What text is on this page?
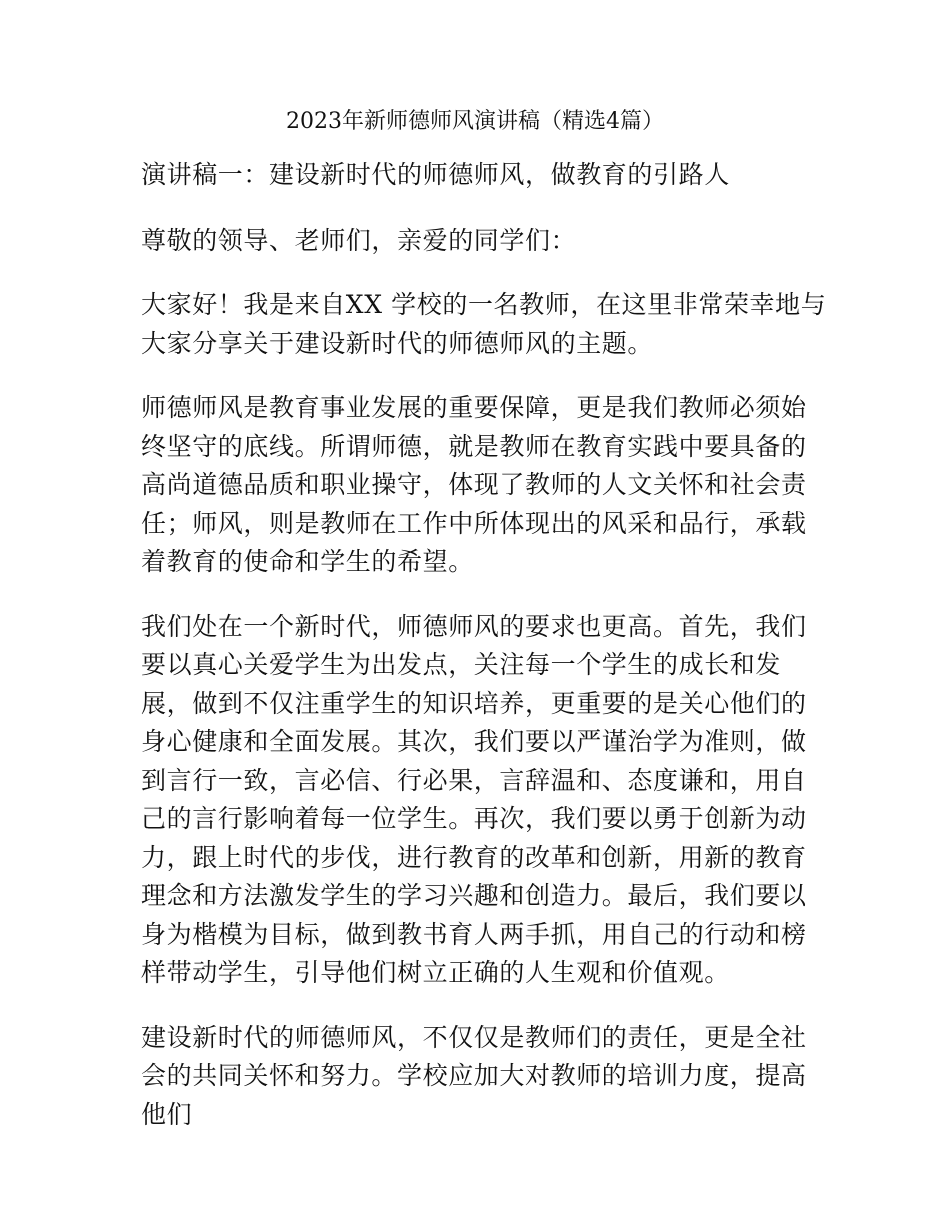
2023年新师德师风演讲稿（精选4篇）

演讲稿一：建设新时代的师德师风，做教育的引路人

尊敬的领导、老师们，亲爱的同学们：

大家好！我是来自XX 学校的一名教师，在这里非常荣幸地与大家分享关于建设新时代的师德师风的主题。

师德师风是教育事业发展的重要保障，更是我们教师必须始终坚守的底线。所谓师德，就是教师在教育实践中要具备的高尚道德品质和职业操守，体现了教师的人文关怀和社会责任；师风，则是教师在工作中所体现出的风采和品行，承载着教育的使命和学生的希望。

我们处在一个新时代，师德师风的要求也更高。首先，我们要以真心关爱学生为出发点，关注每一个学生的成长和发展，做到不仅注重学生的知识培养，更重要的是关心他们的身心健康和全面发展。其次，我们要以严谨治学为准则，做到言行一致，言必信、行必果，言辞温和、态度谦和，用自己的言行影响着每一位学生。再次，我们要以勇于创新为动力，跟上时代的步伐，进行教育的改革和创新，用新的教育理念和方法激发学生的学习兴趣和创造力。最后，我们要以身为楷模为目标，做到教书育人两手抓，用自己的行动和榜样带动学生，引导他们树立正确的人生观和价值观。

建设新时代的师德师风，不仅仅是教师们的责任，更是全社会的共同关怀和努力。学校应加大对教师的培训力度，提高他们
